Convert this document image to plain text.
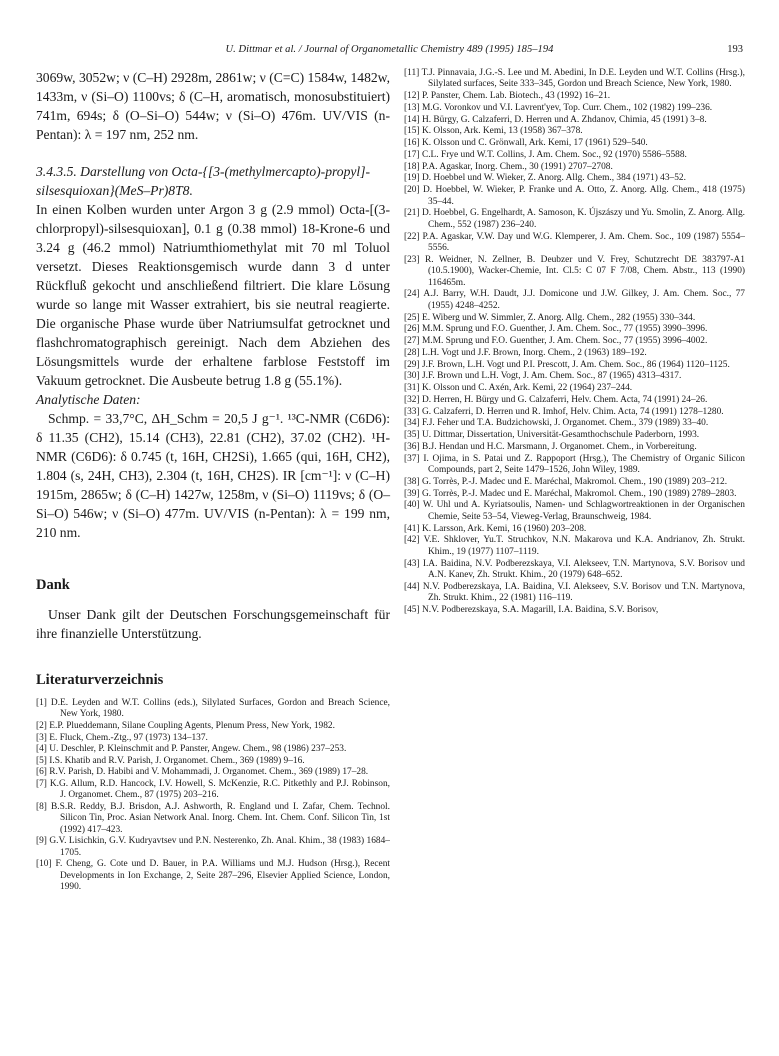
U. Dittmar et al. / Journal of Organometallic Chemistry 489 (1995) 185–194	193

3069w, 3052w; ν (C–H) 2928m, 2861w; ν (C=C) 1584w, 1482w, 1433m, ν (Si–O) 1100vs; δ (C–H, aromatisch, monosubstituiert) 741m, 694s; δ (O–Si–O) 544w; ν (Si–O) 476m. UV/VIS (n-Pentan): λ = 197 nm, 252 nm.

3.4.3.5. Darstellung von Octa-{[3-(methylmercapto)-propyl]-silsesquioxan}(MeS–Pr)8T8.

In einen Kolben wurden unter Argon 3 g (2.9 mmol) Octa-[(3-chlorpropyl)-silsesquioxan], 0.1 g (0.38 mmol) 18-Krone-6 und 3.24 g (46.2 mmol) Natriumthiomethylat mit 70 ml Toluol versetzt. Dieses Reaktionsgemisch wurde dann 3 d unter Rückfluß gekocht und anschließend filtriert. Die klare Lösung wurde so lange mit Wasser extrahiert, bis sie neutral reagierte. Die organische Phase wurde über Natriumsulfat getrocknet und flashchromatographisch gereinigt. Nach dem Abziehen des Lösungsmittels wurde der erhaltene farblose Feststoff im Vakuum getrocknet. Die Ausbeute betrug 1.8 g (55.1%).

Analytische Daten:

Schmp. = 33,7°C, ΔH_Schm = 20,5 J g⁻¹. ¹³C-NMR (C6D6): δ 11.35 (CH2), 15.14 (CH3), 22.81 (CH2), 37.02 (CH2). ¹H-NMR (C6D6): δ 0.745 (t, 16H, CH2Si), 1.665 (qui, 16H, CH2), 1.804 (s, 24H, CH3), 2.304 (t, 16H, CH2S). IR [cm⁻¹]: ν (C–H) 1915m, 2865w; δ (C–H) 1427w, 1258m, ν (Si–O) 1119vs; δ (O–Si–O) 546w; ν (Si–O) 477m. UV/VIS (n-Pentan): λ = 199 nm, 210 nm.

Dank

Unser Dank gilt der Deutschen Forschungsgemeinschaft für ihre finanzielle Unterstützung.

Literaturverzeichnis

[1] D.E. Leyden and W.T. Collins (eds.), Silylated Surfaces, Gordon and Breach Science, New York, 1980.

[2] E.P. Plueddemann, Silane Coupling Agents, Plenum Press, New York, 1982.

[3] E. Fluck, Chem.-Ztg., 97 (1973) 134–137.

[4] U. Deschler, P. Kleinschmit and P. Panster, Angew. Chem., 98 (1986) 237–253.

[5] I.S. Khatib and R.V. Parish, J. Organomet. Chem., 369 (1989) 9–16.

[6] R.V. Parish, D. Habibi and V. Mohammadi, J. Organomet. Chem., 369 (1989) 17–28.

[7] K.G. Allum, R.D. Hancock, I.V. Howell, S. McKenzie, R.C. Pitkethly and P.J. Robinson, J. Organomet. Chem., 87 (1975) 203–216.

[8] B.S.R. Reddy, B.J. Brisdon, A.J. Ashworth, R. England und I. Zafar, Chem. Technol. Silicon Tin, Proc. Asian Network Anal. Inorg. Chem. Int. Chem. Conf. Silicon Tin, 1st (1992) 417–423.

[9] G.V. Lisichkin, G.V. Kudryavtsev und P.N. Nesterenko, Zh. Anal. Khim., 38 (1983) 1684–1705.

[10] F. Cheng, G. Cote und D. Bauer, in P.A. Williams und M.J. Hudson (Hrsg.), Recent Developments in Ion Exchange, 2, Seite 287–296, Elsevier Applied Science, London, 1990.

[11] T.J. Pinnavaia, J.G.-S. Lee und M. Abedini, In D.E. Leyden und W.T. Collins (Hrsg.), Silylated surfaces, Seite 333–345, Gordon und Breach Science, New York, 1980.

[12] P. Panster, Chem. Lab. Biotech., 43 (1992) 16–21.

[13] M.G. Voronkov und V.I. Lavrent'yev, Top. Curr. Chem., 102 (1982) 199–236.

[14] H. Bürgy, G. Calzaferri, D. Herren und A. Zhdanov, Chimia, 45 (1991) 3–8.

[15] K. Olsson, Ark. Kemi, 13 (1958) 367–378.

[16] K. Olsson und C. Grönwall, Ark. Kemi, 17 (1961) 529–540.

[17] C.L. Frye und W.T. Collins, J. Am. Chem. Soc., 92 (1970) 5586–5588.

[18] P.A. Agaskar, Inorg. Chem., 30 (1991) 2707–2708.

[19] D. Hoebbel und W. Wieker, Z. Anorg. Allg. Chem., 384 (1971) 43–52.

[20] D. Hoebbel, W. Wieker, P. Franke und A. Otto, Z. Anorg. Allg. Chem., 418 (1975) 35–44.

[21] D. Hoebbel, G. Engelhardt, A. Samoson, K. Újszászy und Yu. Smolin, Z. Anorg. Allg. Chem., 552 (1987) 236–240.

[22] P.A. Agaskar, V.W. Day und W.G. Klemperer, J. Am. Chem. Soc., 109 (1987) 5554–5556.

[23] R. Weidner, N. Zellner, B. Deubzer und V. Frey, Schutzrecht DE 383797-A1 (10.5.1900), Wacker-Chemie, Int. Cl.5: C 07 F 7/08, Chem. Abstr., 113 (1990) 116465m.

[24] A.J. Barry, W.H. Daudt, J.J. Domicone und J.W. Gilkey, J. Am. Chem. Soc., 77 (1955) 4248–4252.

[25] E. Wiberg und W. Simmler, Z. Anorg. Allg. Chem., 282 (1955) 330–344.

[26] M.M. Sprung und F.O. Guenther, J. Am. Chem. Soc., 77 (1955) 3990–3996.

[27] M.M. Sprung und F.O. Guenther, J. Am. Chem. Soc., 77 (1955) 3996–4002.

[28] L.H. Vogt und J.F. Brown, Inorg. Chem., 2 (1963) 189–192.

[29] J.F. Brown, L.H. Vogt und P.I. Prescott, J. Am. Chem. Soc., 86 (1964) 1120–1125.

[30] J.F. Brown und L.H. Vogt, J. Am. Chem. Soc., 87 (1965) 4313–4317.

[31] K. Olsson und C. Axén, Ark. Kemi, 22 (1964) 237–244.

[32] D. Herren, H. Bürgy und G. Calzaferri, Helv. Chem. Acta, 74 (1991) 24–26.

[33] G. Calzaferri, D. Herren und R. Imhof, Helv. Chim. Acta, 74 (1991) 1278–1280.

[34] F.J. Feher und T.A. Budzichowski, J. Organomet. Chem., 379 (1989) 33–40.

[35] U. Dittmar, Dissertation, Universität-Gesamthochschule Paderborn, 1993.

[36] B.J. Hendan und H.C. Marsmann, J. Organomet. Chem., in Vorbereitung.

[37] I. Ojima, in S. Patai und Z. Rappoport (Hrsg.), The Chemistry of Organic Silicon Compounds, part 2, Seite 1479–1526, John Wiley, 1989.

[38] G. Torrès, P.-J. Madec und E. Maréchal, Makromol. Chem., 190 (1989) 203–212.

[39] G. Torrès, P.-J. Madec und E. Maréchal, Makromol. Chem., 190 (1989) 2789–2803.

[40] W. Uhl und A. Kyriatsoulis, Namen- und Schlagwortreaktionen in der Organischen Chemie, Seite 53–54, Vieweg-Verlag, Braunschweig, 1984.

[41] K. Larsson, Ark. Kemi, 16 (1960) 203–208.

[42] V.E. Shklover, Yu.T. Struchkov, N.N. Makarova und K.A. Andrianov, Zh. Strukt. Khim., 19 (1977) 1107–1119.

[43] I.A. Baidina, N.V. Podberezskaya, V.I. Alekseev, T.N. Martynova, S.V. Borisov und A.N. Kanev, Zh. Strukt. Khim., 20 (1979) 648–652.

[44] N.V. Podberezskaya, I.A. Baidina, V.I. Alekseev, S.V. Borisov und T.N. Martynova, Zh. Strukt. Khim., 22 (1981) 116–119.

[45] N.V. Podberezskaya, S.A. Magarill, I.A. Baidina, S.V. Borisov,
